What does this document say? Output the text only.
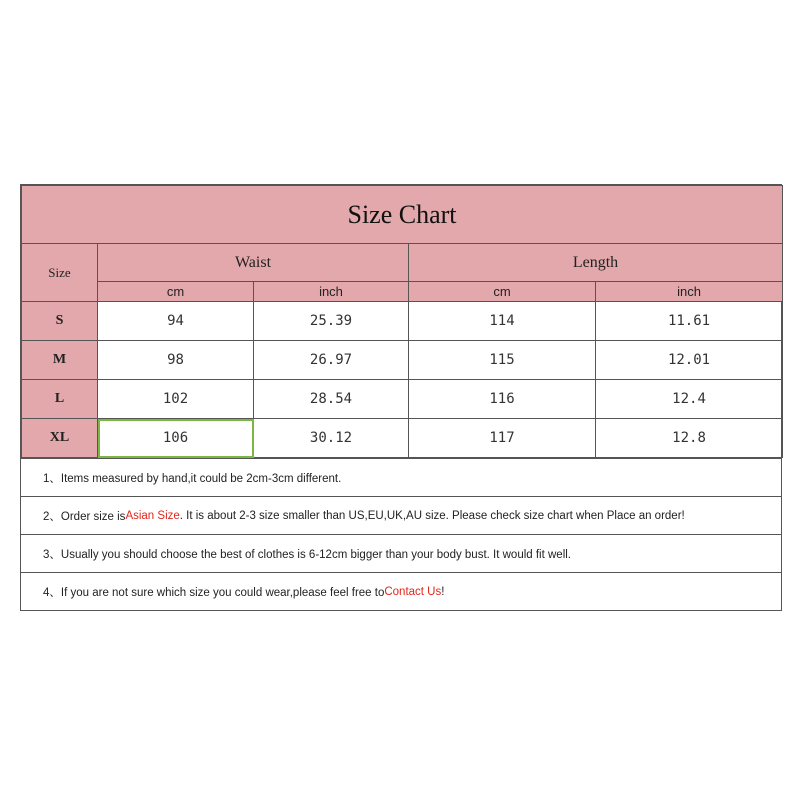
Size Chart				
Size	Waist		Length	
	cm	inch	cm	inch
S	94	25.39	114	11.61
M	98	26.97	115	12.01
L	102	28.54	116	12.4
XL	106	30.12	117	12.8
1、Items measured by hand,it could be 2cm-3cm different.
2、Order size is Asian Size . It is about 2-3 size smaller than US,EU,UK,AU size. Please check size chart when Place an order!
3、Usually you should choose the best of clothes is 6-12cm bigger than your body bust. It would fit well.
4、If you are not sure which size you could wear,please feel free to Contact Us !
